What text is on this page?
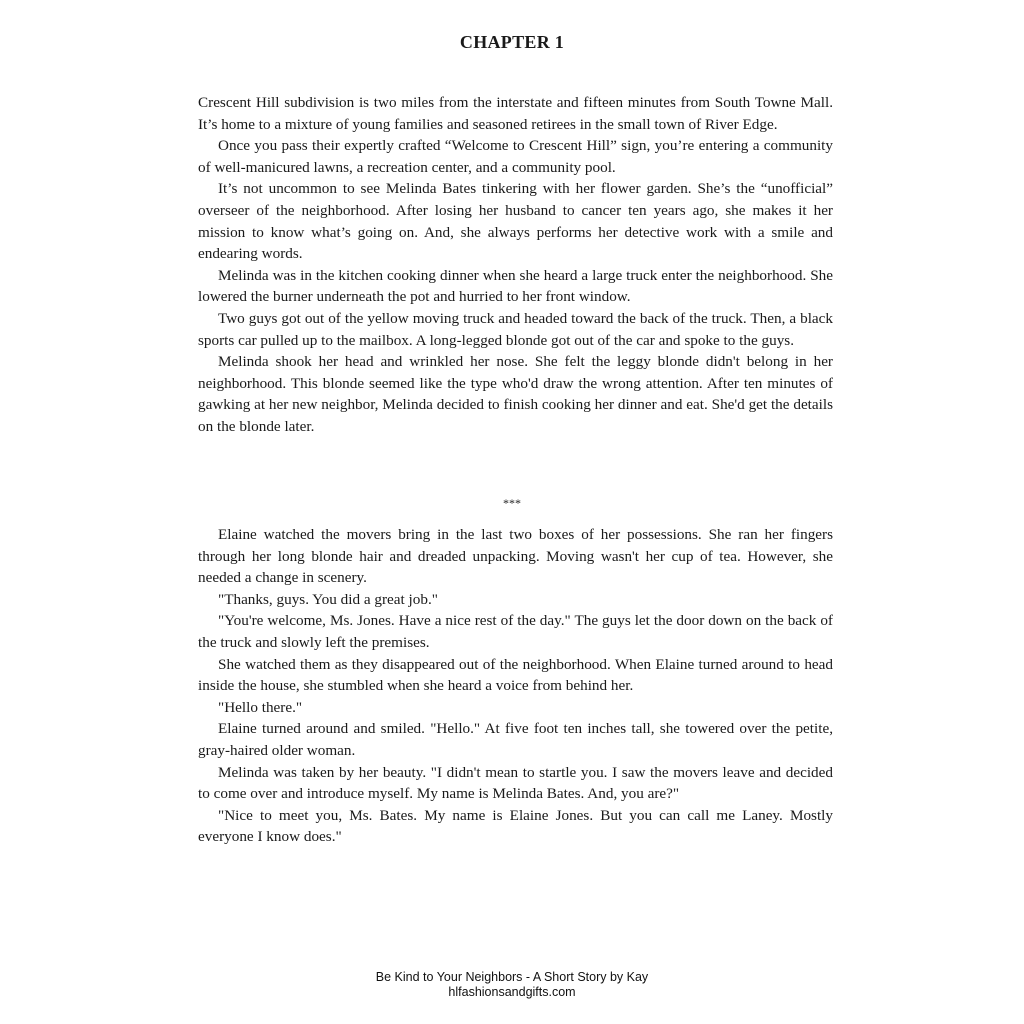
CHAPTER 1

Crescent Hill subdivision is two miles from the interstate and fifteen minutes from South Towne Mall. It’s home to a mixture of young families and seasoned retirees in the small town of River Edge.

Once you pass their expertly crafted “Welcome to Crescent Hill” sign, you’re entering a community of well-manicured lawns, a recreation center, and a community pool.

It’s not uncommon to see Melinda Bates tinkering with her flower garden. She’s the “unofficial” overseer of the neighborhood. After losing her husband to cancer ten years ago, she makes it her mission to know what’s going on. And, she always performs her detective work with a smile and endearing words.

Melinda was in the kitchen cooking dinner when she heard a large truck enter the neighborhood. She lowered the burner underneath the pot and hurried to her front window.

Two guys got out of the yellow moving truck and headed toward the back of the truck. Then, a black sports car pulled up to the mailbox. A long-legged blonde got out of the car and spoke to the guys.

Melinda shook her head and wrinkled her nose. She felt the leggy blonde didn't belong in her neighborhood. This blonde seemed like the type who'd draw the wrong attention. After ten minutes of gawking at her new neighbor, Melinda decided to finish cooking her dinner and eat. She'd get the details on the blonde later.

***

Elaine watched the movers bring in the last two boxes of her possessions. She ran her fingers through her long blonde hair and dreaded unpacking. Moving wasn't her cup of tea. However, she needed a change in scenery.

"Thanks, guys. You did a great job."

"You're welcome, Ms. Jones. Have a nice rest of the day." The guys let the door down on the back of the truck and slowly left the premises.

She watched them as they disappeared out of the neighborhood. When Elaine turned around to head inside the house, she stumbled when she heard a voice from behind her.

"Hello there."

Elaine turned around and smiled. "Hello." At five foot ten inches tall, she towered over the petite, gray-haired older woman.

Melinda was taken by her beauty. "I didn't mean to startle you. I saw the movers leave and decided to come over and introduce myself. My name is Melinda Bates. And, you are?"

"Nice to meet you, Ms. Bates. My name is Elaine Jones. But you can call me Laney. Mostly everyone I know does."

Be Kind to Your Neighbors - A Short Story by Kay
hlfashionsandgifts.com
